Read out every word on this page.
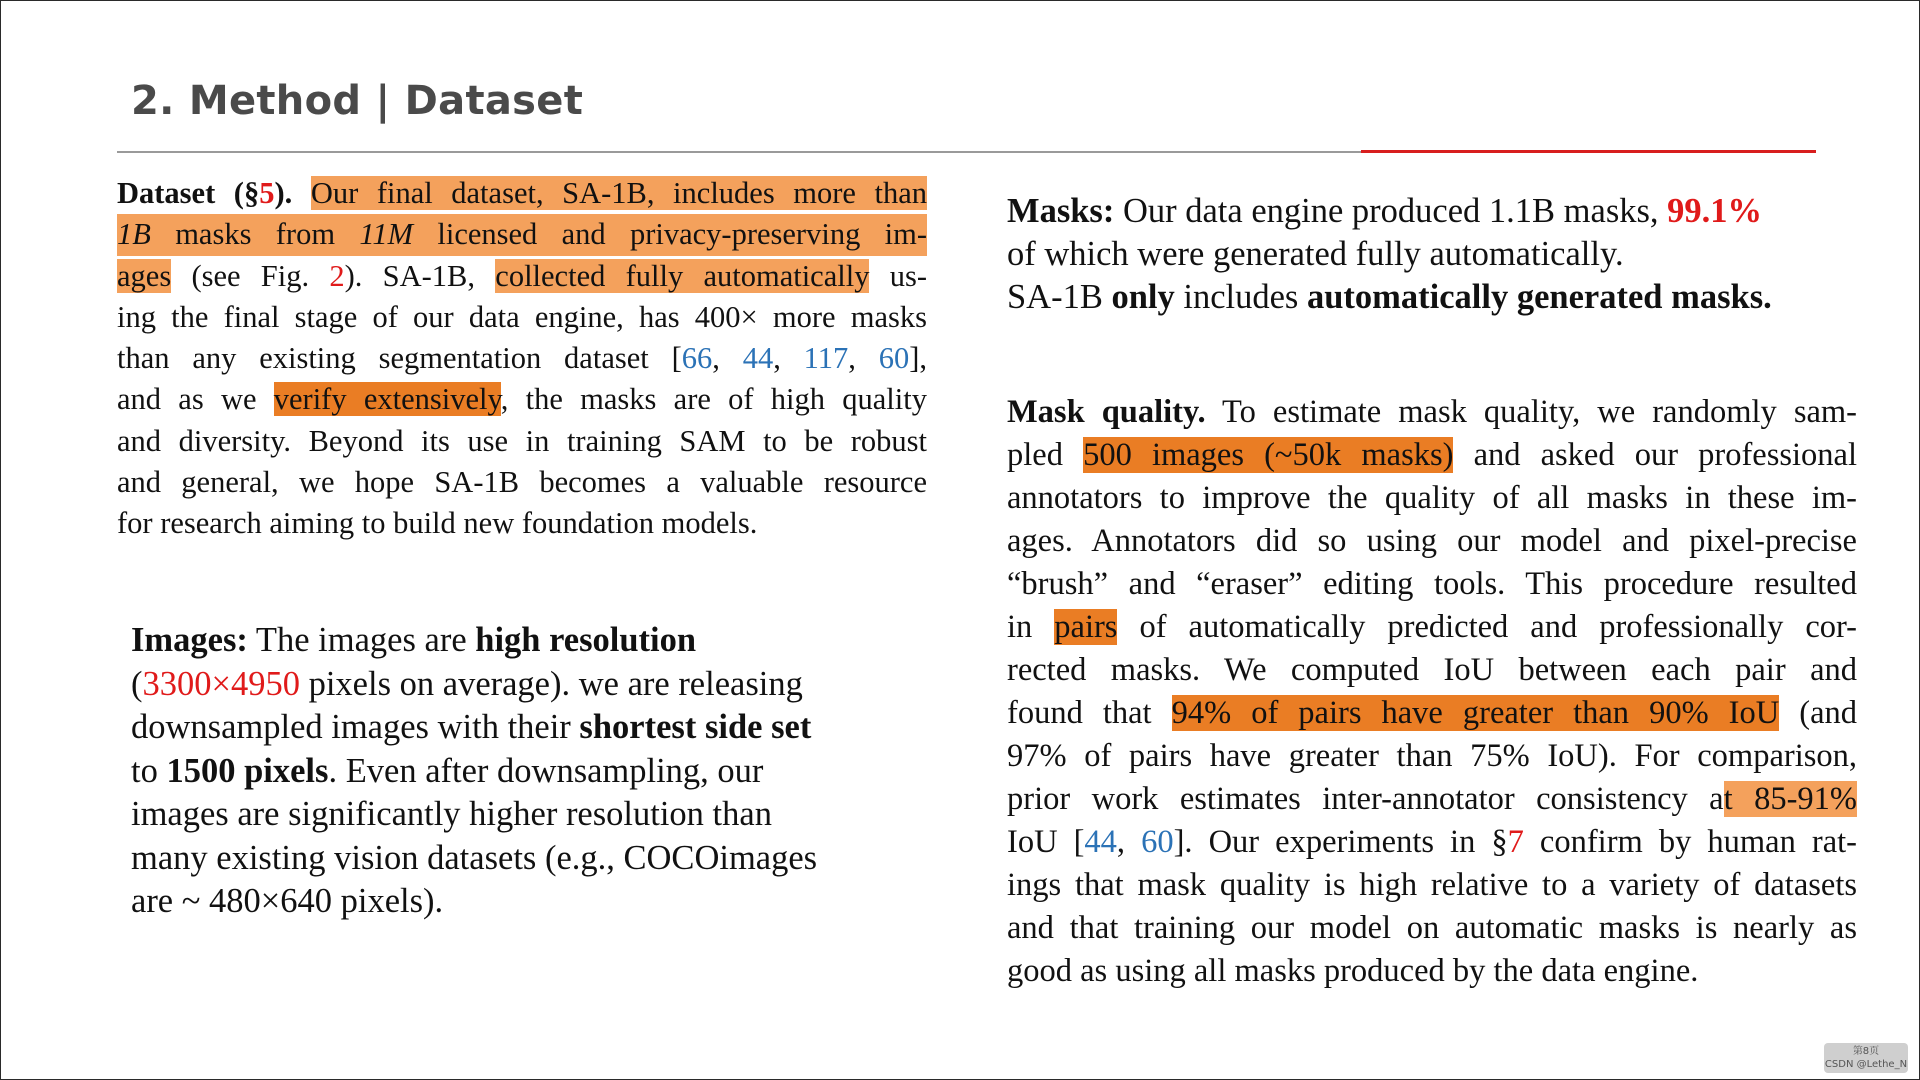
2. Method | Dataset
Dataset (§5). Our final dataset, SA-1B, includes more than
1B masks from 11M licensed and privacy-preserving im-
ages (see Fig. 2). SA-1B, collected fully automatically us-
ing the final stage of our data engine, has 400× more masks
than any existing segmentation dataset [66, 44, 117, 60],
and as we verify extensively, the masks are of high quality
and diversity. Beyond its use in training SAM to be robust
and general, we hope SA-1B becomes a valuable resource
for research aiming to build new foundation models.
Masks: Our data engine produced 1.1B masks, 99.1%
of which were generated fully automatically.
SA-1B only includes automatically generated masks.
Images: The images are high resolution
(3300×4950 pixels on average). we are releasing
downsampled images with their shortest side set
to 1500 pixels. Even after downsampling, our
images are significantly higher resolution than
many existing vision datasets (e.g., COCOimages
are ~ 480×640 pixels).
Mask quality. To estimate mask quality, we randomly sam-
pled 500 images (~50k masks) and asked our professional
annotators to improve the quality of all masks in these im-
ages. Annotators did so using our model and pixel-precise
“brush” and “eraser” editing tools. This procedure resulted
in pairs of automatically predicted and professionally cor-
rected masks. We computed IoU between each pair and
found that 94% of pairs have greater than 90% IoU (and
97% of pairs have greater than 75% IoU). For comparison,
prior work estimates inter-annotator consistency at 85-91%
IoU [44, 60]. Our experiments in §7 confirm by human rat-
ings that mask quality is high relative to a variety of datasets
and that training our model on automatic masks is nearly as
good as using all masks produced by the data engine.
第8页
CSDN @Lethe_N
